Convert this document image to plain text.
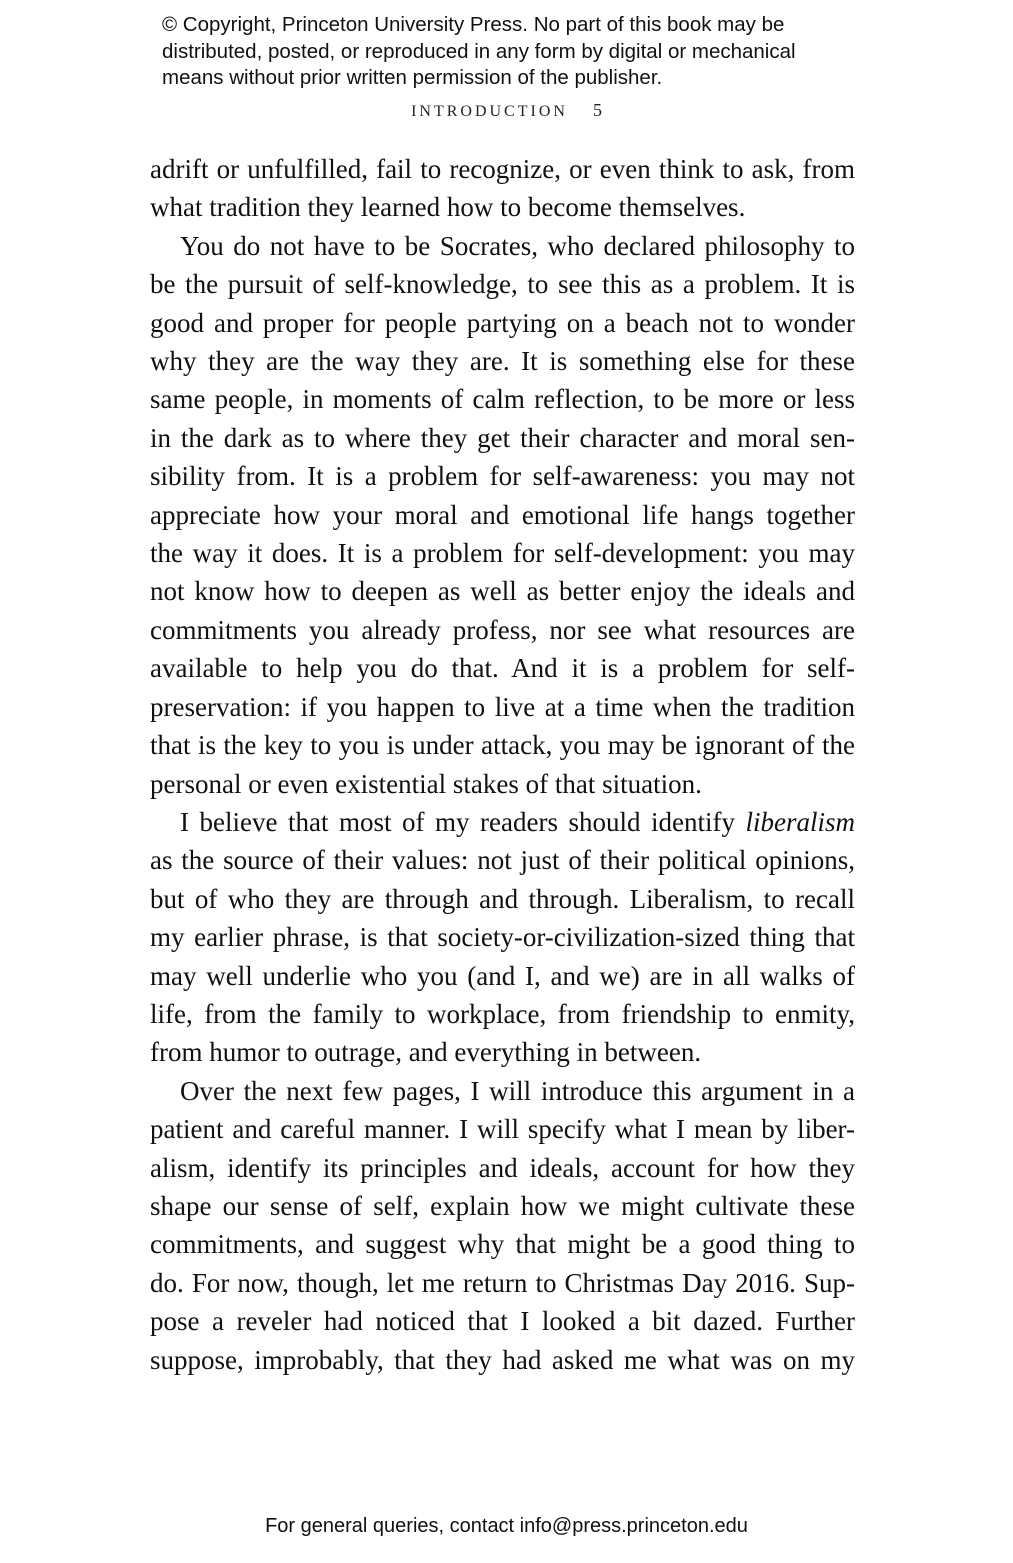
© Copyright, Princeton University Press. No part of this book may be
distributed, posted, or reproduced in any form by digital or mechanical
means without prior written permission of the publisher.
INTRODUCTION 5
adrift or unfulfilled, fail to recognize, or even think to ask, from
what tradition they learned how to become themselves.
You do not have to be Socrates, who declared philosophy to
be the pursuit of self-knowledge, to see this as a problem. It is
good and proper for people partying on a beach not to wonder
why they are the way they are. It is something else for these
same people, in moments of calm reflection, to be more or less
in the dark as to where they get their character and moral sen-
sibility from. It is a problem for self-awareness: you may not
appreciate how your moral and emotional life hangs together
the way it does. It is a problem for self-development: you may
not know how to deepen as well as better enjoy the ideals and
commitments you already profess, nor see what resources are
available to help you do that. And it is a problem for self-
preservation: if you happen to live at a time when the tradition
that is the key to you is under attack, you may be ignorant of the
personal or even existential stakes of that situation.
I believe that most of my readers should identify liberalism
as the source of their values: not just of their political opinions,
but of who they are through and through. Liberalism, to recall
my earlier phrase, is that society-or-civilization-sized thing that
may well underlie who you (and I, and we) are in all walks of
life, from the family to workplace, from friendship to enmity,
from humor to outrage, and everything in between.
Over the next few pages, I will introduce this argument in a
patient and careful manner. I will specify what I mean by liber-
alism, identify its principles and ideals, account for how they
shape our sense of self, explain how we might cultivate these
commitments, and suggest why that might be a good thing to
do. For now, though, let me return to Christmas Day 2016. Sup-
pose a reveler had noticed that I looked a bit dazed. Further
suppose, improbably, that they had asked me what was on my
For general queries, contact info@press.princeton.edu
